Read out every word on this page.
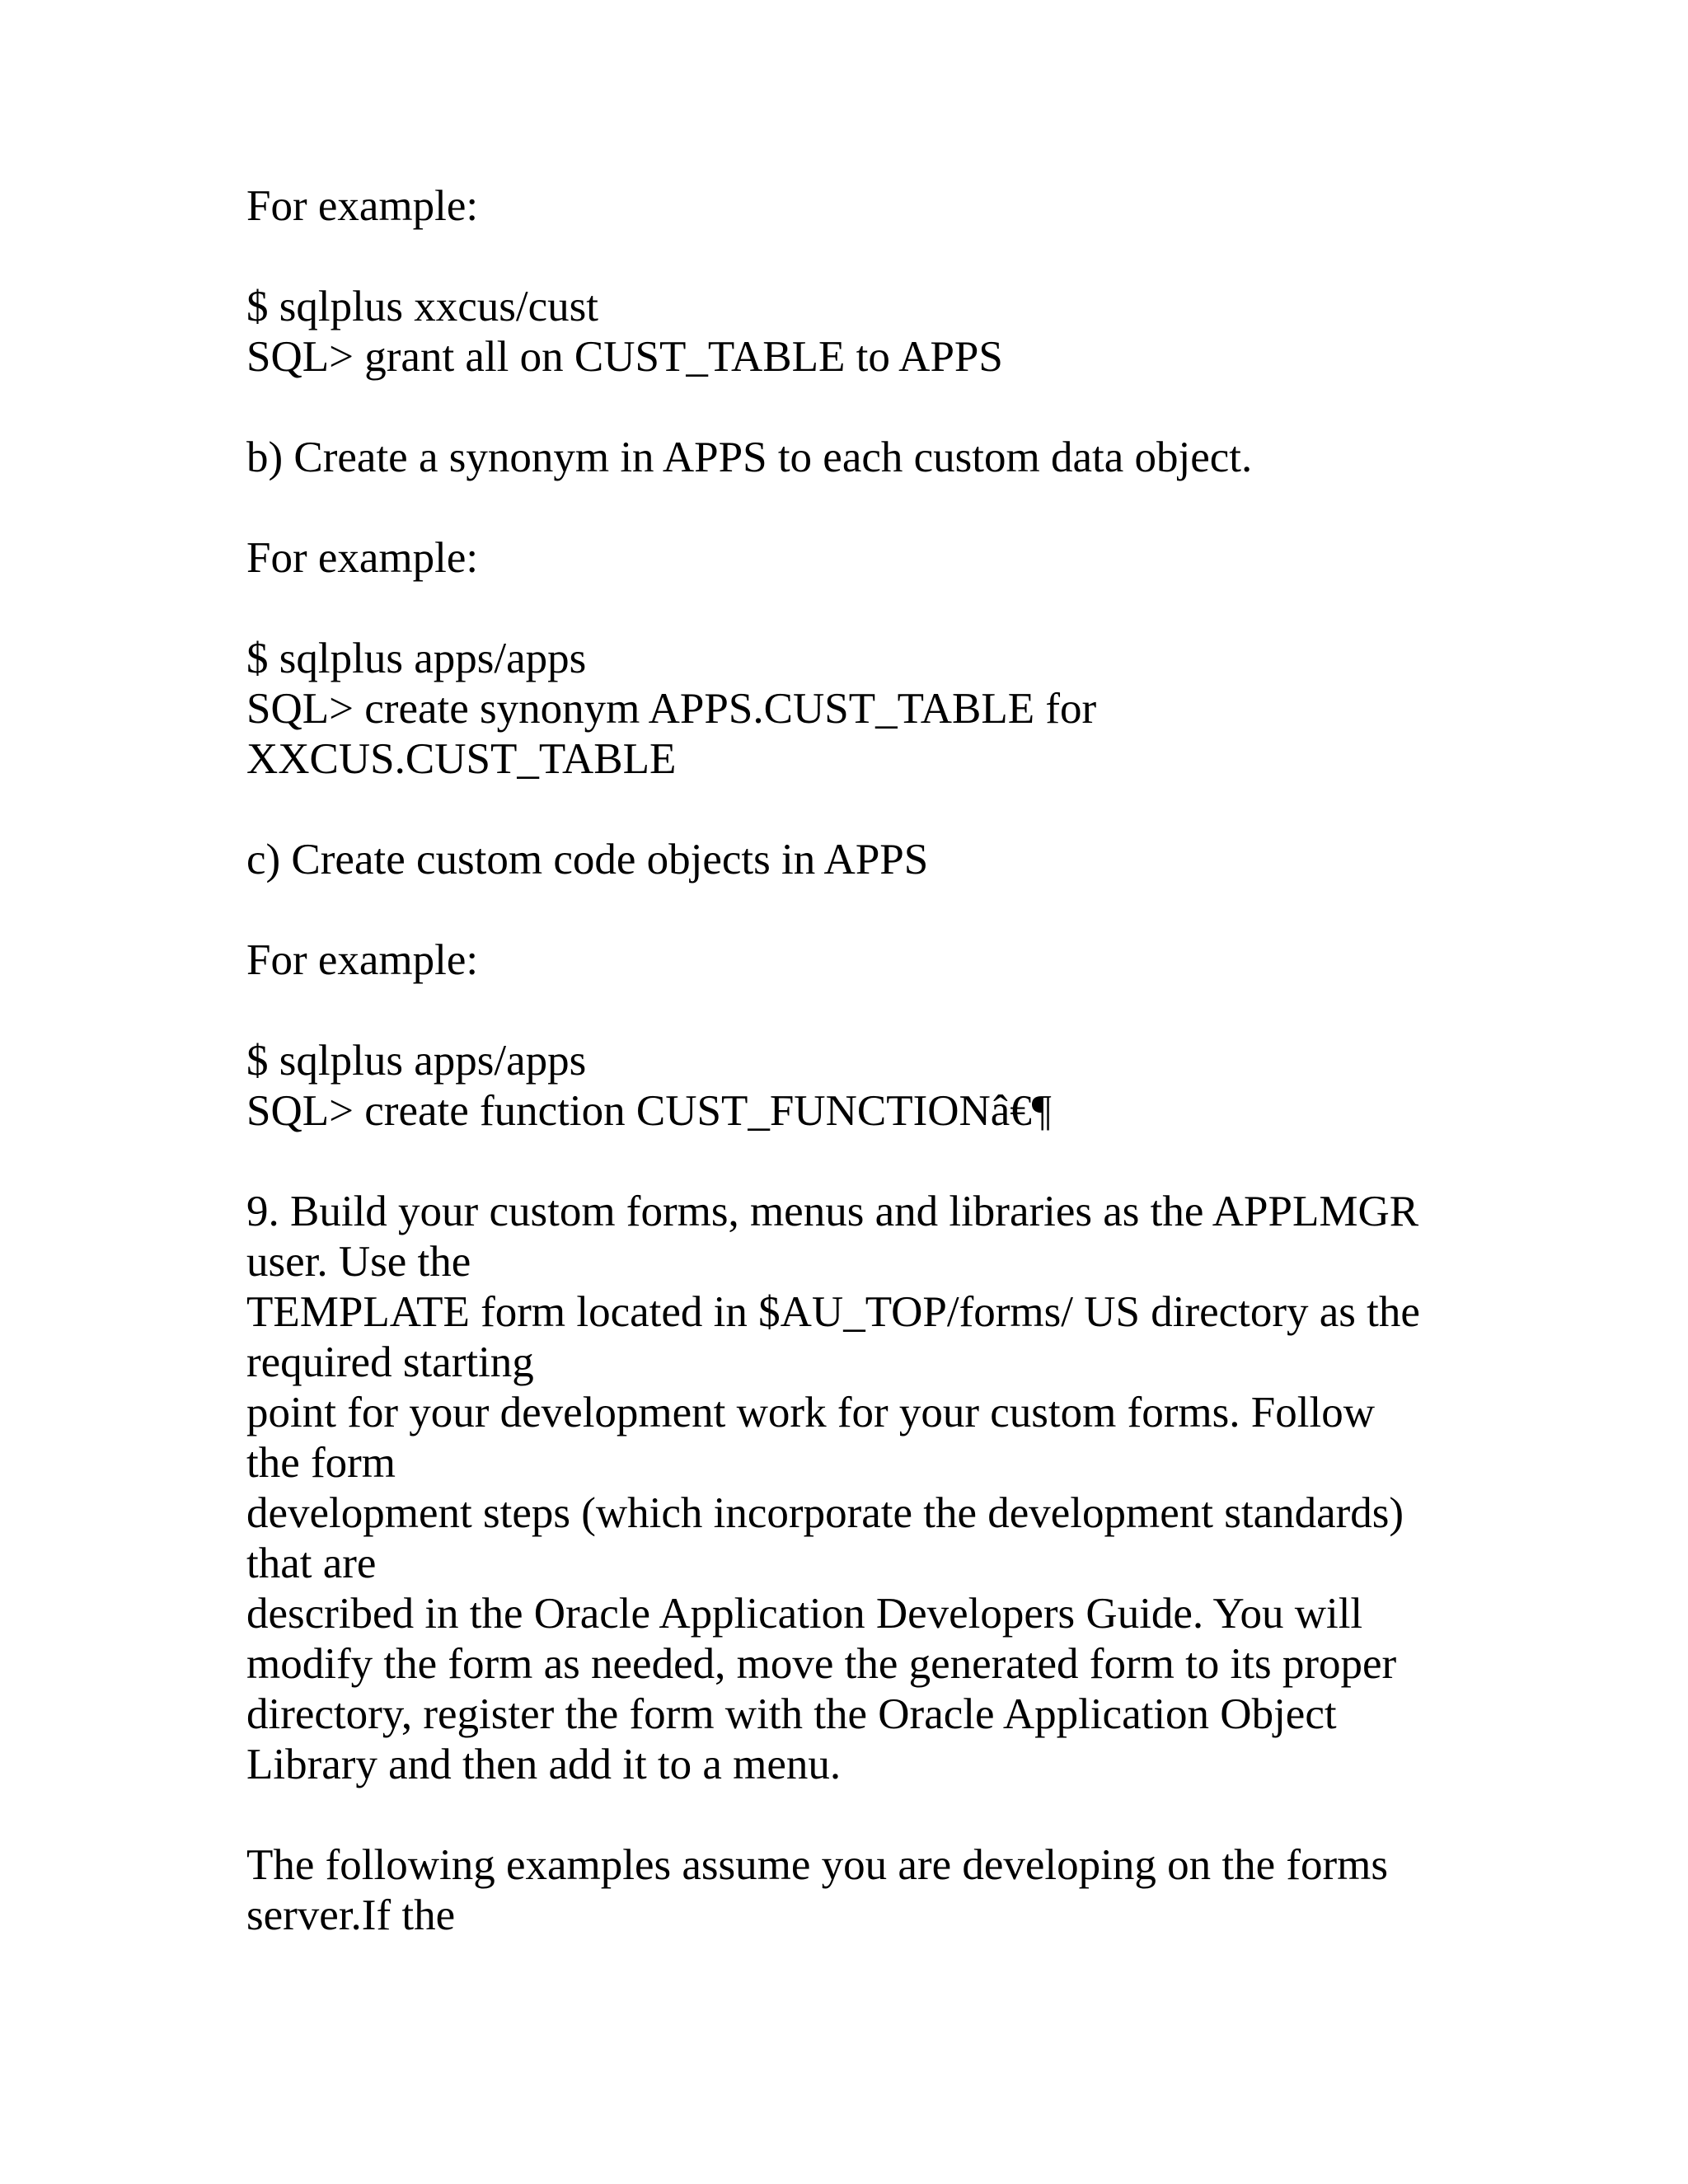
For example:

$ sqlplus xxcus/cust

SQL> grant all on CUST_TABLE to APPS

b) Create a synonym in APPS to each custom data object.

For example:

$ sqlplus apps/apps

SQL> create synonym APPS.CUST_TABLE for

XXCUS.CUST_TABLE

c) Create custom code objects in APPS

For example:

$ sqlplus apps/apps

SQL> create function CUST_FUNCTIONâ€¶

9. Build your custom forms, menus and libraries as the APPLMGR

user. Use the

TEMPLATE form located in $AU_TOP/forms/ US directory as the

required starting

point for your development work for your custom forms. Follow

the form

development steps (which incorporate the development standards)

that are

described in the Oracle Application Developers Guide. You will

modify the form as needed, move the generated form to its proper

directory, register the form with the Oracle Application Object

Library and then add it to a menu.

The following examples assume you are developing on the forms

server.If the
